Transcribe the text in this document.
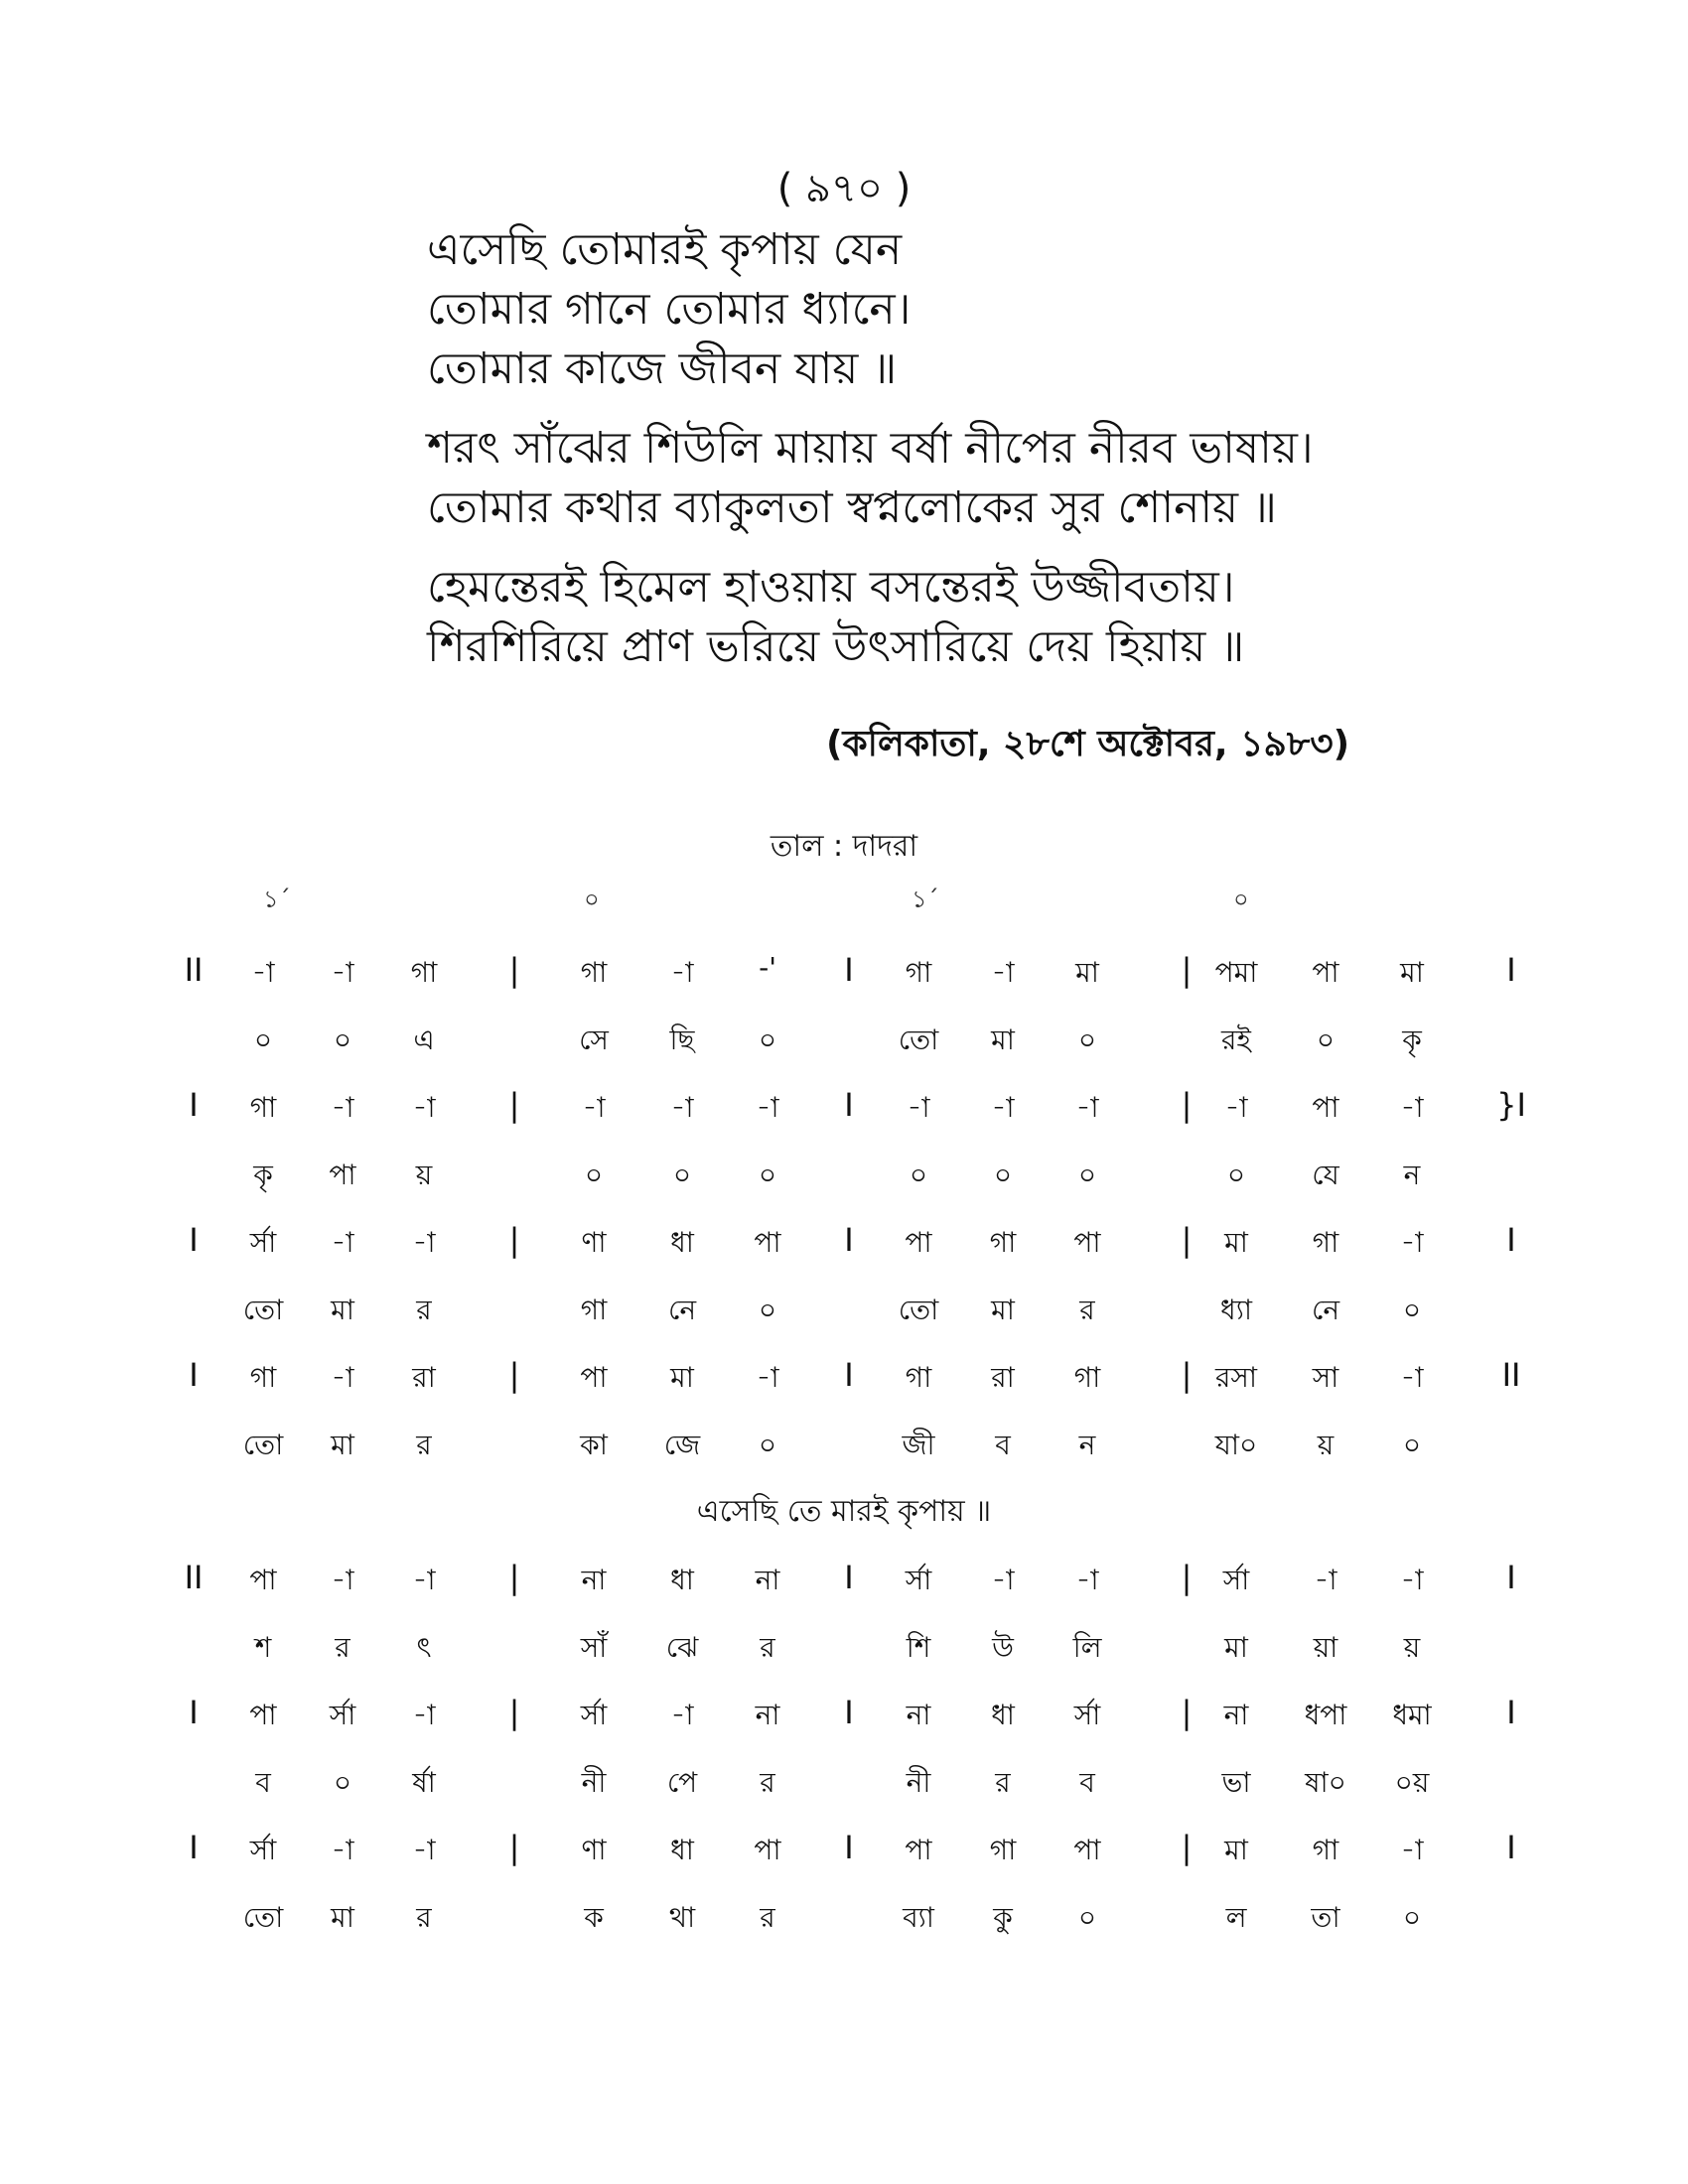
( ৯৭০ )
এসেছি তোমারই কৃপায় যেন
তোমার গানে তোমার ধ্যানে।
তোমার কাজে জীবন যায় ॥
শরৎ সাঁঝের শিউলি মায়ায় বর্ষা নীপের নীরব ভাষায়।
তোমার কথার ব্যাকুলতা স্বপ্নলোকের সুর শোনায় ॥
হেমন্তেরই হিমেল হাওয়ায় বসন্তেরই উজ্জীবতায়।
শিরশিরিয়ে প্রাণ ভরিয়ে উৎসারিয়ে দেয় হিয়ায় ॥
(কলিকাতা, ২৮শে অক্টোবর, ১৯৮৩)
তাল : দাদরা
১´	০	১´	০
II -া -া গা | গা -া -' I গা -া মা	| পমা পা মা	I
০ ০ এ	সে ছি ০	তো মা ০	রই ০ কৃ
I গা -া -া | -া -া -া I -া -া -া	| -া পা -া }I
কৃ পা য়	০	০ ০	০ ০ ০	০ যে ন
I র্সা -া -া | ণা ধা পা I পা গা পা	| মা গা -া	I
তো মা র	গা নে ০	তো মা র	ধ্যা নে ০
I গা -া রা | পা মা -া I গা রা গা	| রসা সা -া II
তো মা র	কা জে ০	জী ব ন	যা০ য় ০
এসেছি তে মারই কৃপায় ॥
II পা -া -া | না ধা না I র্সা -া -া	| র্সা -া -া	I
শ র ৎ	সাঁ ঝে র	শি উ লি	মা য়া য়
I পা র্সা -া | র্সা -া না I না ধা র্সা	| না ধপা ধমা I
ব ০ র্ষা	নী পে র	নী র ব	ভা ষা০ ০য়
I র্সা -া -া | ণা ধা পা I পা গা পা	| মা গা -া	I
তো মা র	ক থা র	ব্যা কু ০	ল তা ০
